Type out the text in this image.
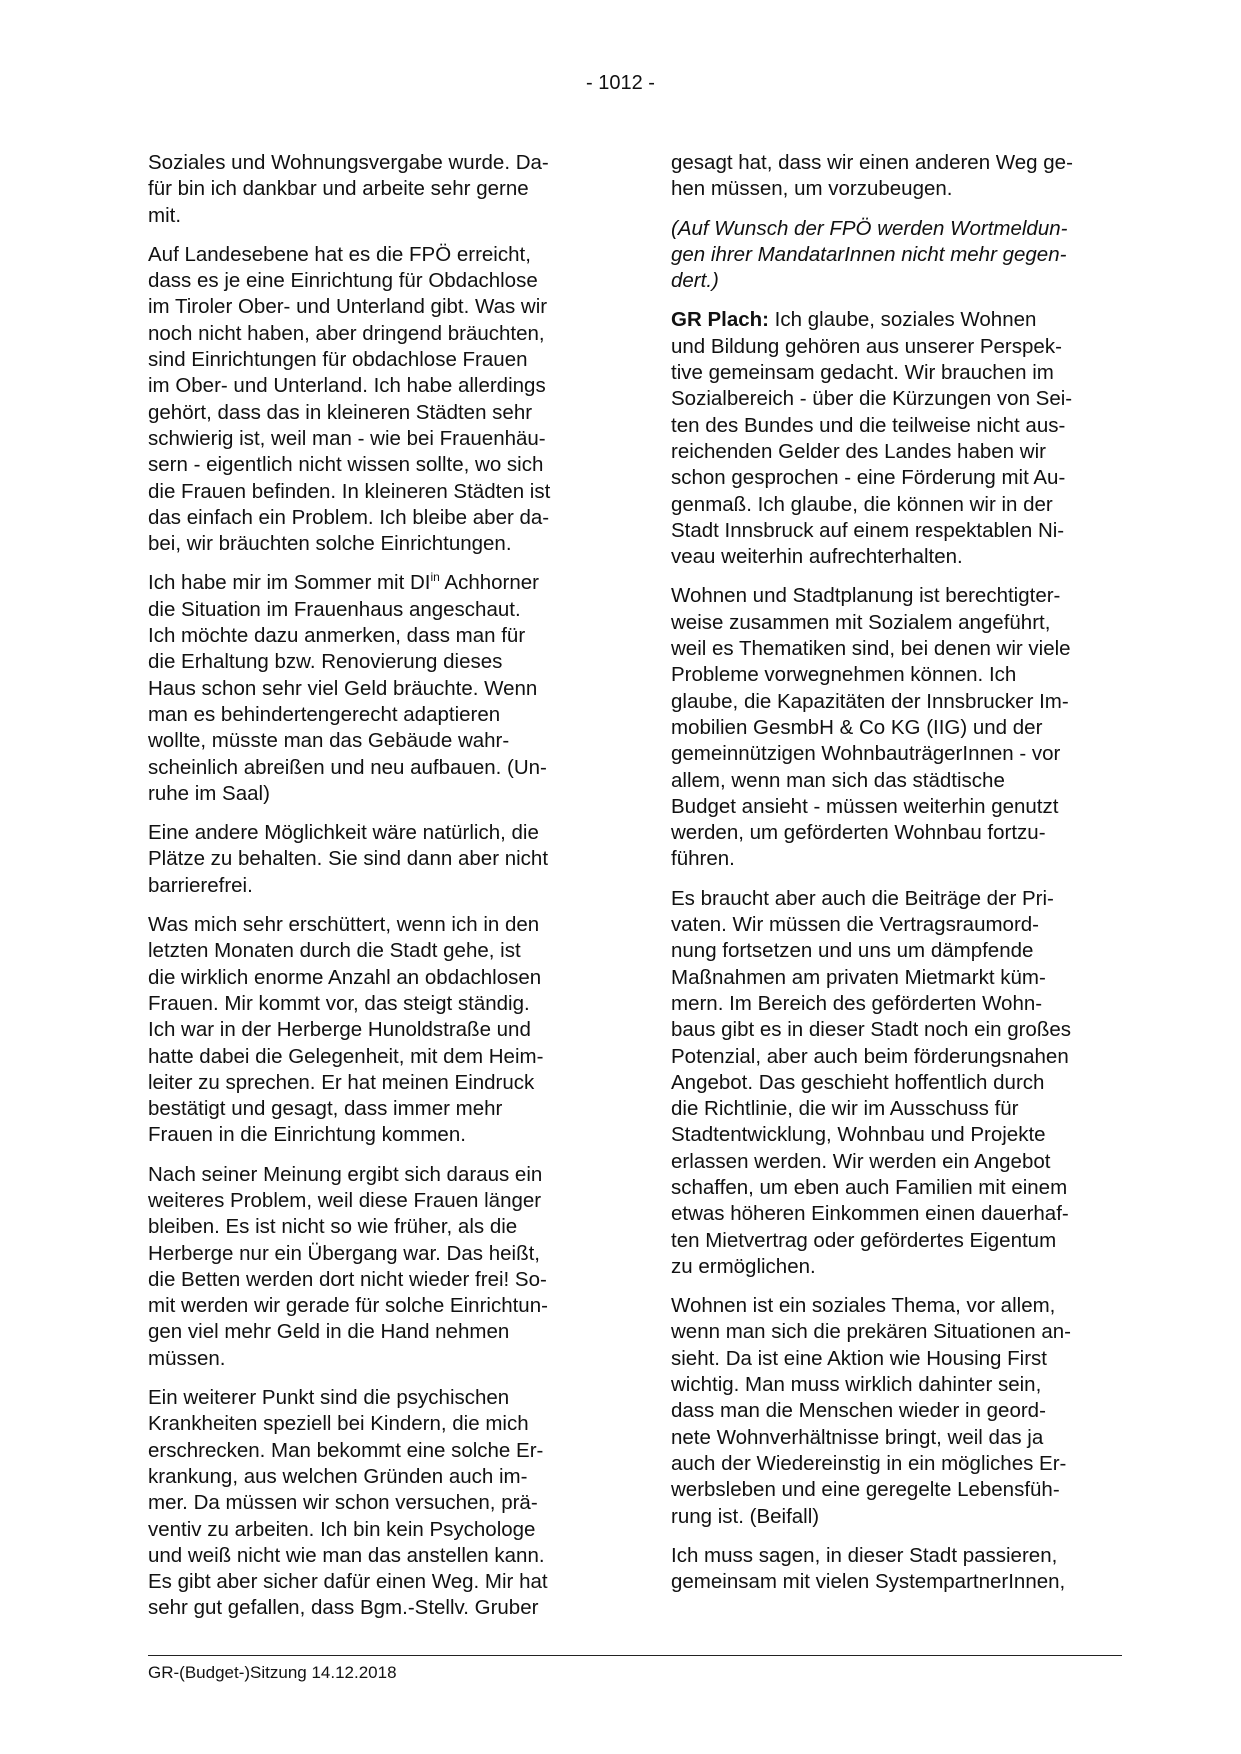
- 1012 -

Soziales und Wohnungsvergabe wurde. Da-
für bin ich dankbar und arbeite sehr gerne
mit.

Auf Landesebene hat es die FPÖ erreicht,
dass es je eine Einrichtung für Obdachlose
im Tiroler Ober- und Unterland gibt. Was wir
noch nicht haben, aber dringend bräuchten,
sind Einrichtungen für obdachlose Frauen
im Ober- und Unterland. Ich habe allerdings
gehört, dass das in kleineren Städten sehr
schwierig ist, weil man - wie bei Frauenhäu-
sern - eigentlich nicht wissen sollte, wo sich
die Frauen befinden. In kleineren Städten ist
das einfach ein Problem. Ich bleibe aber da-
bei, wir bräuchten solche Einrichtungen.

Ich habe mir im Sommer mit $DI^{in}$ Achhorner
die Situation im Frauenhaus angeschaut.
Ich möchte dazu anmerken, dass man für
die Erhaltung bzw. Renovierung dieses
Haus schon sehr viel Geld bräuchte. Wenn
man es behindertengerecht adaptieren
wollte, müsste man das Gebäude wahr-
scheinlich abreißen und neu aufbauen. (Un-
ruhe im Saal)

Eine andere Möglichkeit wäre natürlich, die
Plätze zu behalten. Sie sind dann aber nicht
barrierefrei.

Was mich sehr erschüttert, wenn ich in den
letzten Monaten durch die Stadt gehe, ist
die wirklich enorme Anzahl an obdachlosen
Frauen. Mir kommt vor, das steigt ständig.
Ich war in der Herberge Hunoldstraße und
hatte dabei die Gelegenheit, mit dem Heim-
leiter zu sprechen. Er hat meinen Eindruck
bestätigt und gesagt, dass immer mehr
Frauen in die Einrichtung kommen.

Nach seiner Meinung ergibt sich daraus ein
weiteres Problem, weil diese Frauen länger
bleiben. Es ist nicht so wie früher, als die
Herberge nur ein Übergang war. Das heißt,
die Betten werden dort nicht wieder frei! So-
mit werden wir gerade für solche Einrichtun-
gen viel mehr Geld in die Hand nehmen
müssen.

Ein weiterer Punkt sind die psychischen
Krankheiten speziell bei Kindern, die mich
erschrecken. Man bekommt eine solche Er-
krankung, aus welchen Gründen auch im-
mer. Da müssen wir schon versuchen, prä-
ventiv zu arbeiten. Ich bin kein Psychologe
und weiß nicht wie man das anstellen kann.
Es gibt aber sicher dafür einen Weg. Mir hat
sehr gut gefallen, dass Bgm.-Stellv. Gruber

gesagt hat, dass wir einen anderen Weg ge-
hen müssen, um vorzubeugen.

(Auf Wunsch der FPÖ werden Wortmeldun-
gen ihrer MandatarInnen nicht mehr gegen-
dert.)

GR Plach: Ich glaube, soziales Wohnen
und Bildung gehören aus unserer Perspek-
tive gemeinsam gedacht. Wir brauchen im
Sozialbereich - über die Kürzungen von Sei-
ten des Bundes und die teilweise nicht aus-
reichenden Gelder des Landes haben wir
schon gesprochen - eine Förderung mit Au-
genmaß. Ich glaube, die können wir in der
Stadt Innsbruck auf einem respektablen Ni-
veau weiterhin aufrechterhalten.

Wohnen und Stadtplanung ist berechtigter-
weise zusammen mit Sozialem angeführt,
weil es Thematiken sind, bei denen wir viele
Probleme vorwegnehmen können. Ich
glaube, die Kapazitäten der Innsbrucker Im-
mobilien GesmbH & Co KG (IIG) und der
gemeinnützigen WohnbauträgerInnen - vor
allem, wenn man sich das städtische
Budget ansieht - müssen weiterhin genutzt
werden, um geförderten Wohnbau fortzu-
führen.

Es braucht aber auch die Beiträge der Pri-
vaten. Wir müssen die Vertragsraumord-
nung fortsetzen und uns um dämpfende
Maßnahmen am privaten Mietmarkt küm-
mern. Im Bereich des geförderten Wohn-
baus gibt es in dieser Stadt noch ein großes
Potenzial, aber auch beim förderungsnahen
Angebot. Das geschieht hoffentlich durch
die Richtlinie, die wir im Ausschuss für
Stadtentwicklung, Wohnbau und Projekte
erlassen werden. Wir werden ein Angebot
schaffen, um eben auch Familien mit einem
etwas höheren Einkommen einen dauerhaf-
ten Mietvertrag oder gefördertes Eigentum
zu ermöglichen.

Wohnen ist ein soziales Thema, vor allem,
wenn man sich die prekären Situationen an-
sieht. Da ist eine Aktion wie Housing First
wichtig. Man muss wirklich dahinter sein,
dass man die Menschen wieder in geord-
nete Wohnverhältnisse bringt, weil das ja
auch der Wiedereinstig in ein mögliches Er-
werbsleben und eine geregelte Lebensfüh-
rung ist. (Beifall)

Ich muss sagen, in dieser Stadt passieren,
gemeinsam mit vielen SystempartnerInnen,

GR-(Budget-)Sitzung 14.12.2018
